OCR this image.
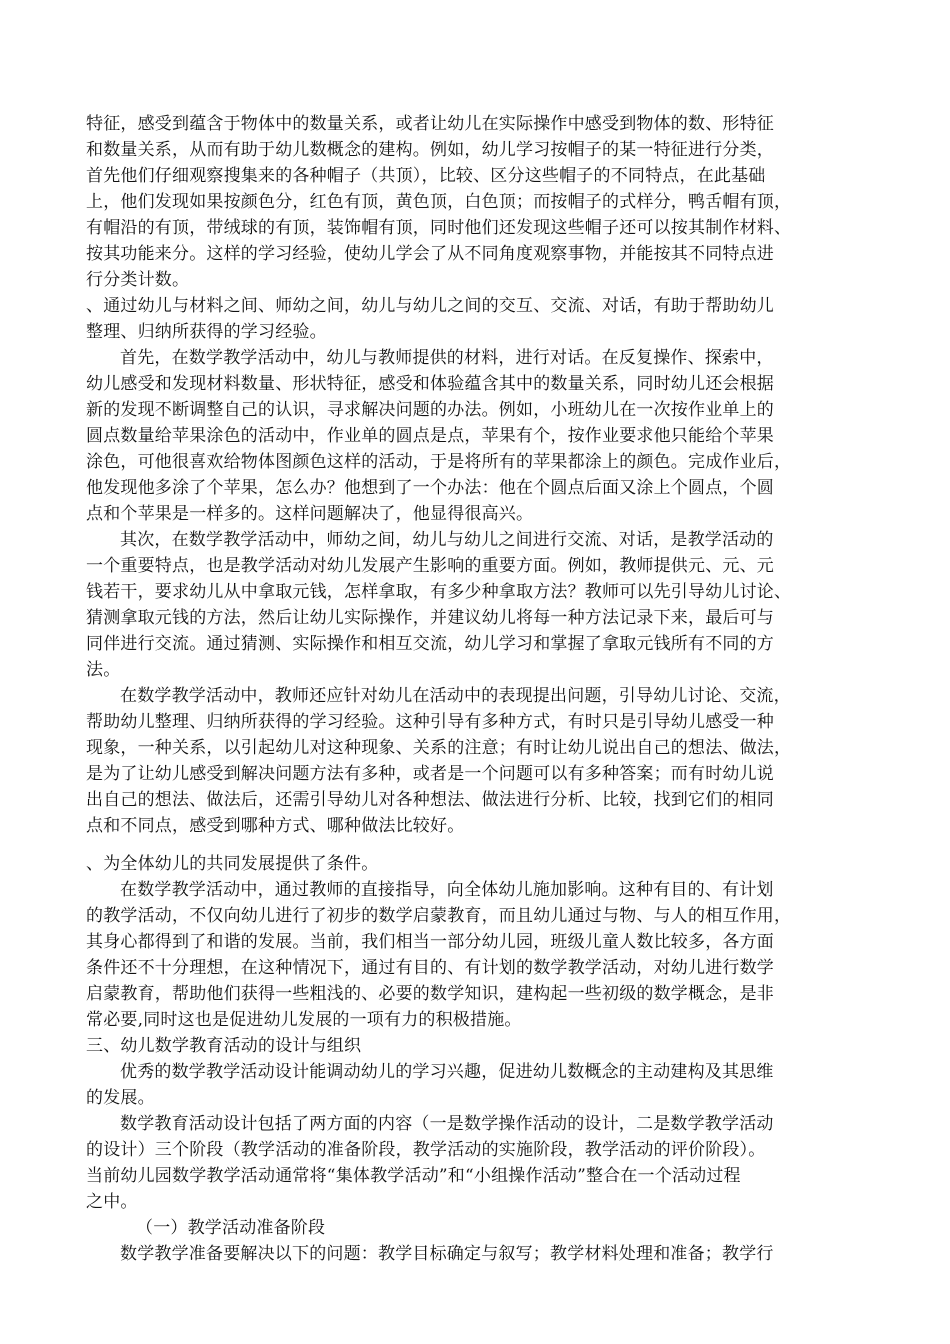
特征，感受到蕴含于物体中的数量关系，或者让幼儿在实际操作中感受到物体的数、形特征
和数量关系，从而有助于幼儿数概念的建构。例如，幼儿学习按帽子的某一特征进行分类，
首先他们仔细观察搜集来的各种帽子（共顶），比较、区分这些帽子的不同特点，在此基础
上，他们发现如果按颜色分，红色有顶，黄色顶，白色顶；而按帽子的式样分，鸭舌帽有顶，
有帽沿的有顶，带绒球的有顶，装饰帽有顶，同时他们还发现这些帽子还可以按其制作材料、
按其功能来分。这样的学习经验，使幼儿学会了从不同角度观察事物，并能按其不同特点进
行分类计数。
、通过幼儿与材料之间、师幼之间，幼儿与幼儿之间的交互、交流、对话，有助于帮助幼儿
整理、归纳所获得的学习经验。
首先，在数学教学活动中，幼儿与教师提供的材料，进行对话。在反复操作、探索中，
幼儿感受和发现材料数量、形状特征，感受和体验蕴含其中的数量关系，同时幼儿还会根据
新的发现不断调整自己的认识，寻求解决问题的办法。例如，小班幼儿在一次按作业单上的
圆点数量给苹果涂色的活动中，作业单的圆点是点，苹果有个，按作业要求他只能给个苹果
涂色，可他很喜欢给物体图颜色这样的活动，于是将所有的苹果都涂上的颜色。完成作业后，
他发现他多涂了个苹果，怎么办？他想到了一个办法：他在个圆点后面又涂上个圆点，个圆
点和个苹果是一样多的。这样问题解决了，他显得很高兴。
其次，在数学教学活动中，师幼之间，幼儿与幼儿之间进行交流、对话，是教学活动的
一个重要特点，也是教学活动对幼儿发展产生影响的重要方面。例如，教师提供元、元、元
钱若干，要求幼儿从中拿取元钱，怎样拿取，有多少种拿取方法？教师可以先引导幼儿讨论、
猜测拿取元钱的方法，然后让幼儿实际操作，并建议幼儿将每一种方法记录下来，最后可与
同伴进行交流。通过猜测、实际操作和相互交流，幼儿学习和掌握了拿取元钱所有不同的方
法。
在数学教学活动中，教师还应针对幼儿在活动中的表现提出问题，引导幼儿讨论、交流，
帮助幼儿整理、归纳所获得的学习经验。这种引导有多种方式，有时只是引导幼儿感受一种
现象，一种关系，以引起幼儿对这种现象、关系的注意；有时让幼儿说出自己的想法、做法，
是为了让幼儿感受到解决问题方法有多种，或者是一个问题可以有多种答案；而有时幼儿说
出自己的想法、做法后，还需引导幼儿对各种想法、做法进行分析、比较，找到它们的相同
点和不同点，感受到哪种方式、哪种做法比较好。
、为全体幼儿的共同发展提供了条件。
在数学教学活动中，通过教师的直接指导，向全体幼儿施加影响。这种有目的、有计划
的教学活动，不仅向幼儿进行了初步的数学启蒙教育，而且幼儿通过与物、与人的相互作用，
其身心都得到了和谐的发展。当前，我们相当一部分幼儿园，班级儿童人数比较多，各方面
条件还不十分理想，在这种情况下，通过有目的、有计划的数学教学活动，对幼儿进行数学
启蒙教育，帮助他们获得一些粗浅的、必要的数学知识，建构起一些初级的数学概念，是非
常必要,同时这也是促进幼儿发展的一项有力的积极措施。
三、幼儿数学教育活动的设计与组织
优秀的数学教学活动设计能调动幼儿的学习兴趣，促进幼儿数概念的主动建构及其思维
的发展。
数学教育活动设计包括了两方面的内容（一是数学操作活动的设计，二是数学教学活动
的设计）三个阶段（教学活动的准备阶段，教学活动的实施阶段，教学活动的评价阶段）。
当前幼儿园数学教学活动通常将“集体教学活动”和“小组操作活动”整合在一个活动过程
之中。
（一）教学活动准备阶段
数学教学准备要解决以下的问题：教学目标确定与叙写；教学材料处理和准备；教学行
